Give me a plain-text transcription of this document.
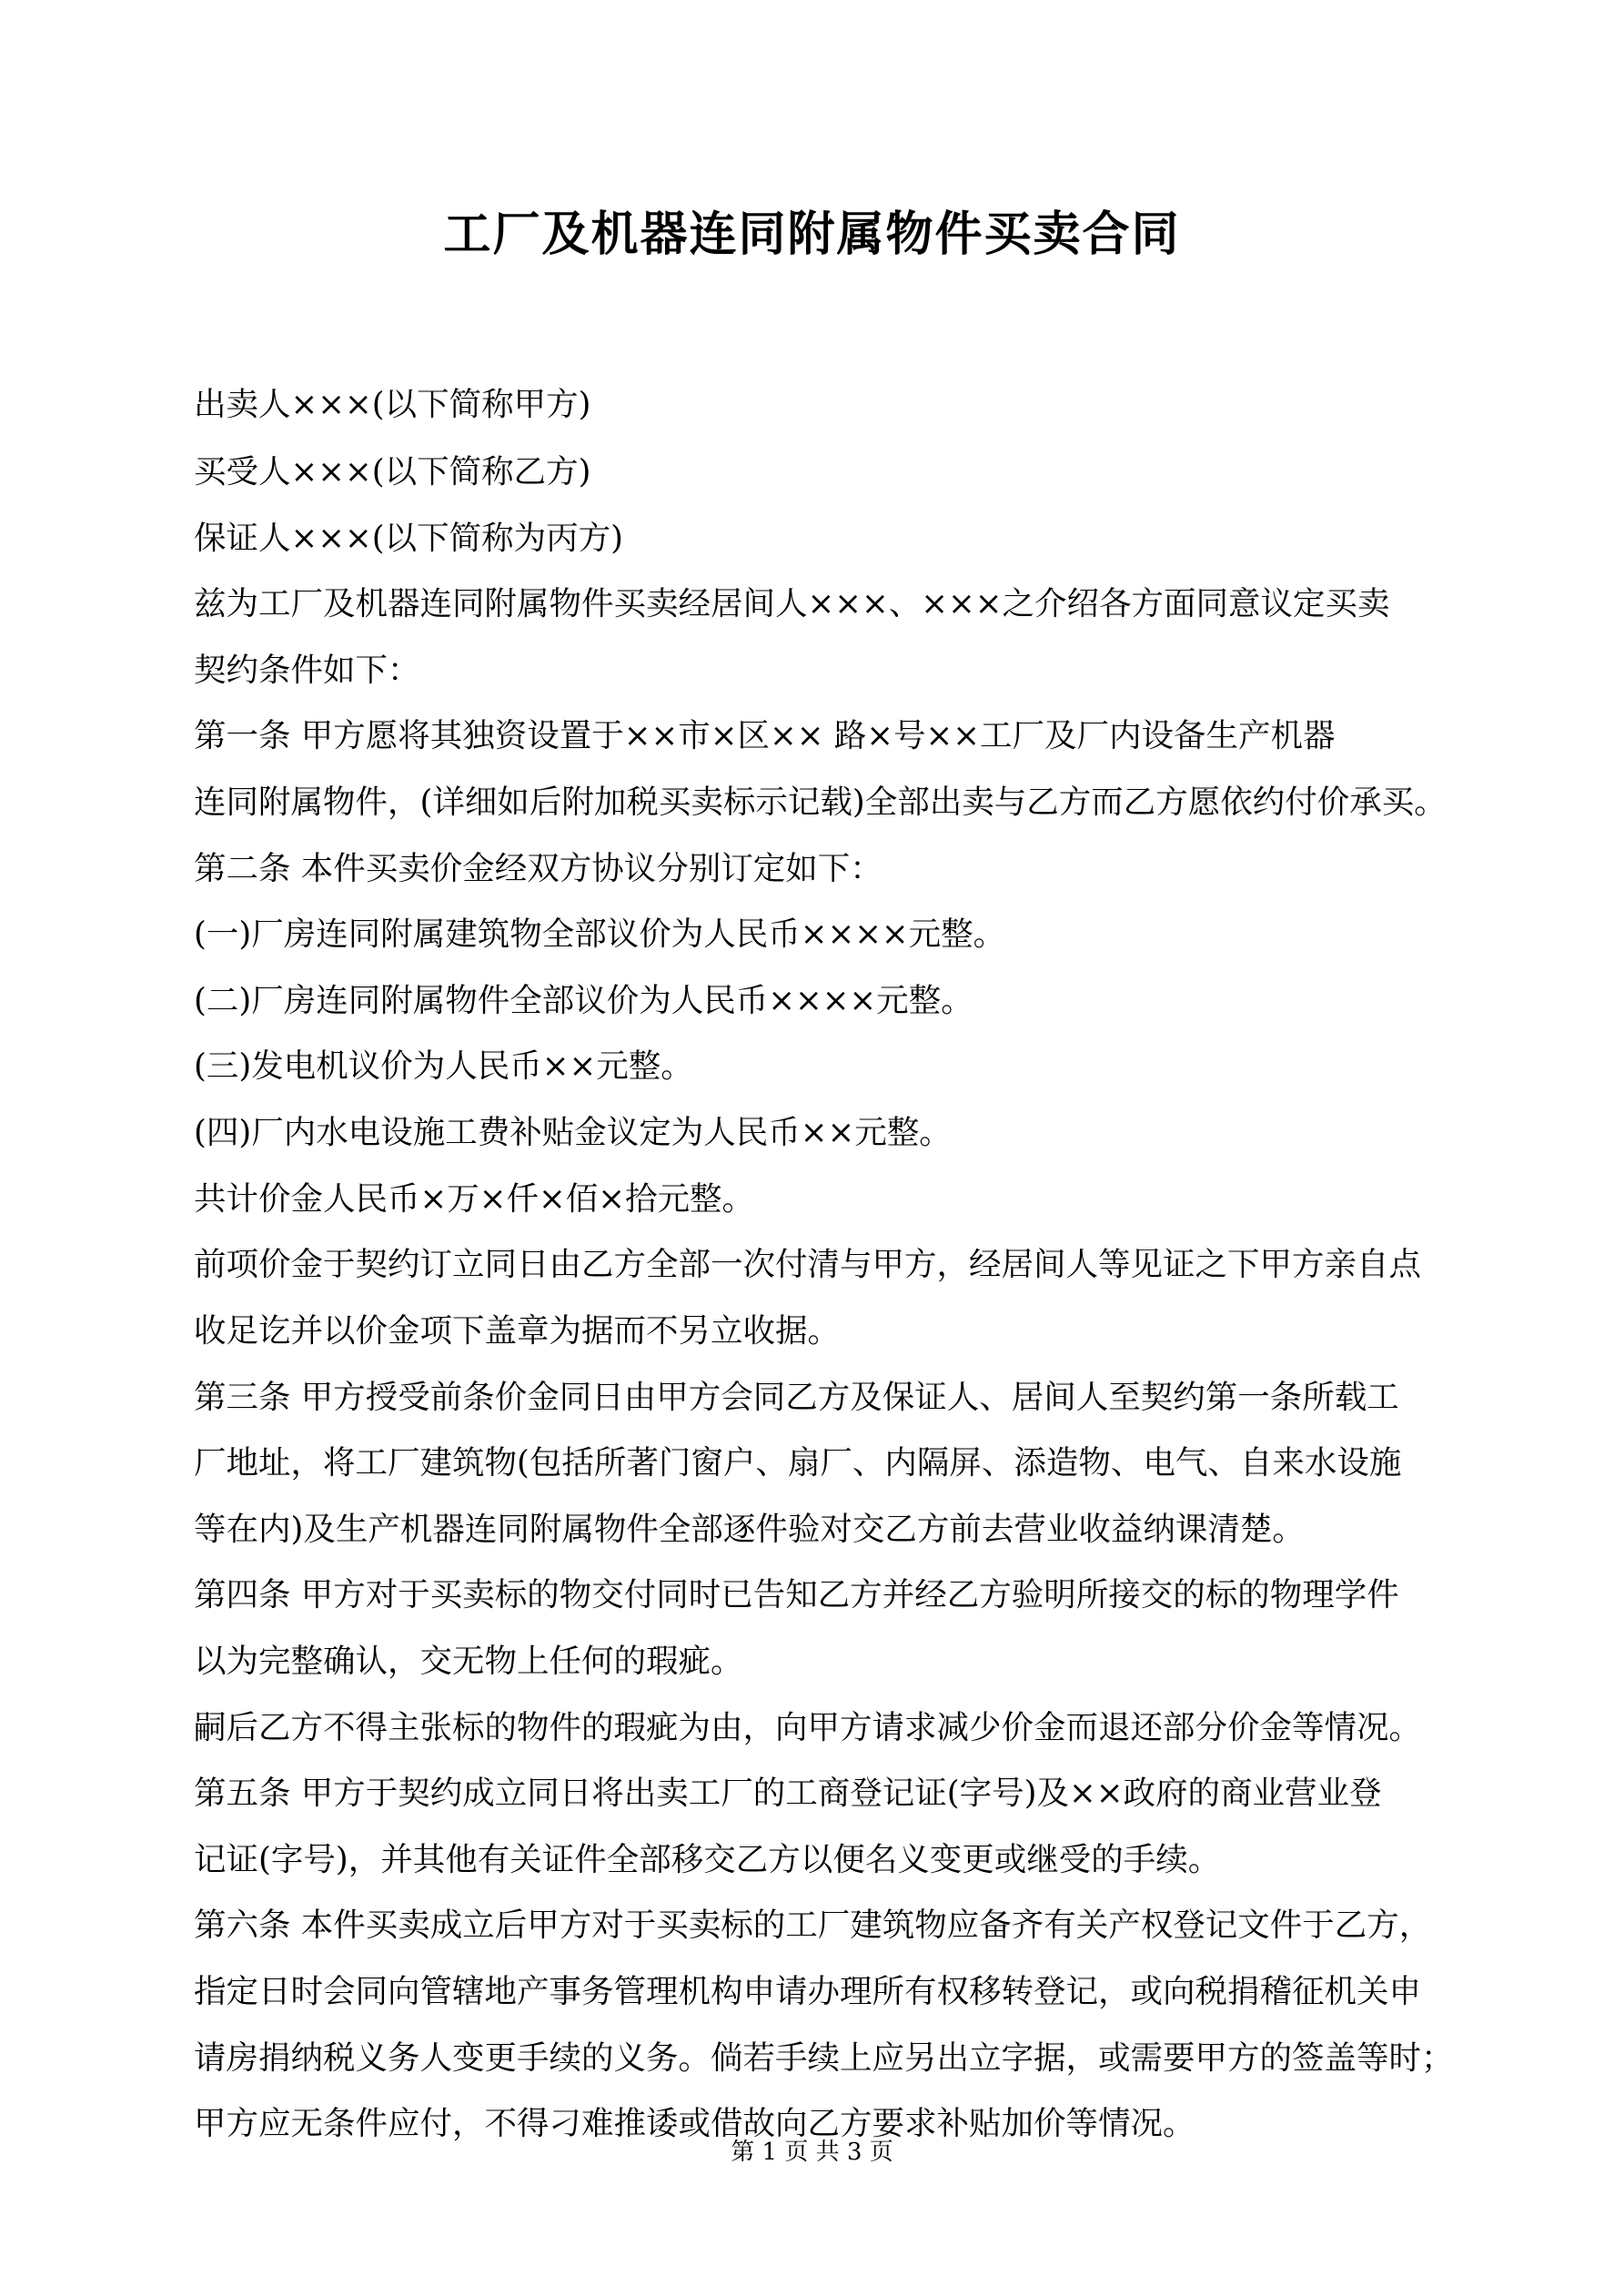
工厂及机器连同附属物件买卖合同
出卖人×××(以下简称甲方)
买受人×××(以下简称乙方)
保证人×××(以下简称为丙方)
兹为工厂及机器连同附属物件买卖经居间人×××、×××之介绍各方面同意议定买卖
契约条件如下：
第一条 甲方愿将其独资设置于××市×区×× 路×号××工厂及厂内设备生产机器
连同附属物件，(详细如后附加税买卖标示记载)全部出卖与乙方而乙方愿依约付价承买。
第二条 本件买卖价金经双方协议分别订定如下：
(一)厂房连同附属建筑物全部议价为人民币××××元整。
(二)厂房连同附属物件全部议价为人民币××××元整。
(三)发电机议价为人民币××元整。
(四)厂内水电设施工费补贴金议定为人民币××元整。
共计价金人民币×万×仟×佰×拾元整。
前项价金于契约订立同日由乙方全部一次付清与甲方，经居间人等见证之下甲方亲自点
收足讫并以价金项下盖章为据而不另立收据。
第三条 甲方授受前条价金同日由甲方会同乙方及保证人、居间人至契约第一条所载工
厂地址，将工厂建筑物(包括所著门窗户、扇厂、内隔屏、添造物、电气、自来水设施
等在内)及生产机器连同附属物件全部逐件验对交乙方前去营业收益纳课清楚。
第四条 甲方对于买卖标的物交付同时已告知乙方并经乙方验明所接交的标的物理学件
以为完整确认，交无物上任何的瑕疵。
嗣后乙方不得主张标的物件的瑕疵为由，向甲方请求减少价金而退还部分价金等情况。
第五条 甲方于契约成立同日将出卖工厂的工商登记证(字号)及××政府的商业营业登
记证(字号)，并其他有关证件全部移交乙方以便名义变更或继受的手续。
第六条 本件买卖成立后甲方对于买卖标的工厂建筑物应备齐有关产权登记文件于乙方，
指定日时会同向管辖地产事务管理机构申请办理所有权移转登记，或向税捐稽征机关申
请房捐纳税义务人变更手续的义务。倘若手续上应另出立字据，或需要甲方的签盖等时；
甲方应无条件应付，不得刁难推诿或借故向乙方要求补贴加价等情况。
第 1 页 共 3 页
